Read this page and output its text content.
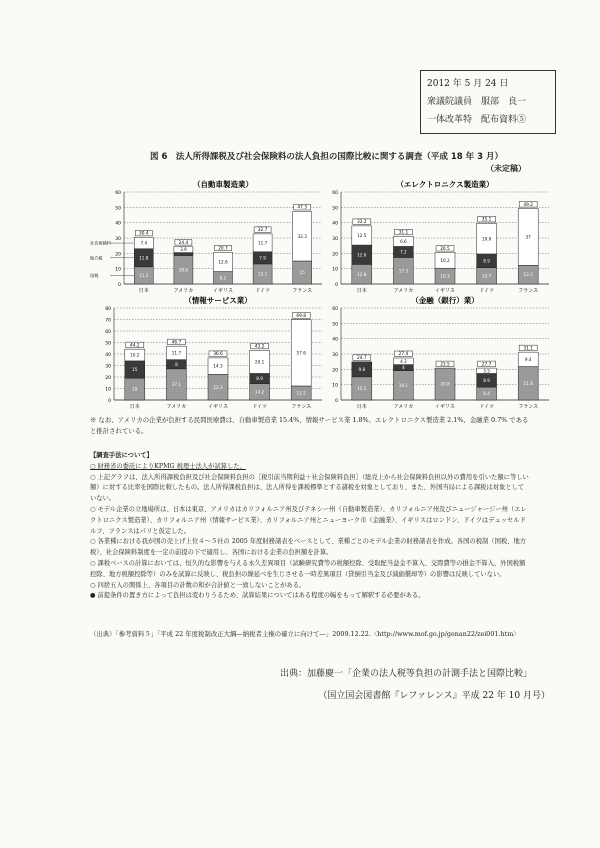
2012 年 5 月 24 日
衆議院議員　服部　良一
一体改革特　配布資料⑤
図 6　法人所得課税及び社会保険料の法人負担の国際比較に関する調査（平成 18 年 3 月）
（未定稿）
（自動車製造業）
0
10
20
30
40
50
60
11.2
11.8
7.4
30.4
日本
18.6
3.9
24.4
アメリカ
8.1
12.6
20.7
イギリス
13.1
7.9
11.7
32.7
ドイツ
15
32.3
47.3
フランス
社会保険料
地方税
国税
（エレクトロニクス製造業）
0
10
20
30
40
50
60
12.8
12.6
12.5
33.2
日本
17.3
7.2
6.6
31.1
アメリカ
10.3
10.2
20.5
イギリス
10.7
8.9
19.9
35.1
ドイツ
12.2
37
49.2
フランス
（情報サービス業）
0
10
20
30
40
50
60
70
80
19
15
10.2
44.2
日本
27.1
8
11.7
46.7
アメリカ
22.3
14.3
36.6
イギリス
14.2
8.9
20.1
43.2
ドイツ
12.2
57.6
69.8
フランス
（金融（銀行）業）
0
10
20
30
40
50
60
15.1
9.8
24.7
日本
19.1
4
4.3
27.4
アメリカ
20.8
23.5
イギリス
8.4
8.9
3.5
27.7
ドイツ
21.8
9.4
31.1
フランス
※ なお、アメリカの企業が負担する民間医療費は、自動車製造業 15.4%、情報サービス業 1.8%、エレクトロニクス製造業 2.1%、金融業 0.7% であると推計されている。
【調査手法について】
○ 財務省の委託によりKPMG 税理士法人が試算した。
○ 上記グラフは、法人所得課税負担及び社会保険料負担の［税引前当期利益＋社会保険料負担］（総売上から社会保険料負担以外の費用を引いた額に等しい額）に対する比率を国際比較したもの。法人所得課税負担は、法人所得を課税標準とする諸税を対象としており、また、外国当局による課税は対象としていない。
○ モデル企業の立地場所は、日本は東京、アメリカはカリフォルニア州及びテネシー州（自動車製造業）、カリフォルニア州及びニュージャージー州（エレクトロニクス製造業）、カリフォルニア州（情報サービス業）、カリフォルニア州とニューヨーク市（金融業）、イギリスはロンドン、ドイツはデュッセルドルフ、フランスはパリと仮定した。
○ 各業種における我が国の売上げ上位４～５社の 2005 年度財務諸表をベースとして、業種ごとのモデル企業の財務諸表を作成。各国の税制（国税、地方税）、社会保険料制度を一定の前提の下で適用し、各国における企業の負担額を計算。
○ 課税ベースの計算においては、恒久的な影響を与える永久差異項目（試験研究費等の税額控除、受取配当益金不算入、交際費等の損金不算入、外国税額控除、地方税額控除等）のみを試算に反映し、税負担の繰延べを生じさせる一時差異項目（貸倒引当金及び減価償却等）の影響は反映していない。
○ 四捨五入の関係上、各項目の計数の和が合計値と一致しないことがある。
● 前提条件の置き方によって負担は変わりうるため、試算結果についてはある程度の幅をもって解釈する必要がある。
（出典）「参考資料５」「平成 22 年度税制改正大綱―納税者主権の確立に向けて―」2009.12.22.〈http://www.mof.go.jp/genan22/zei001.htm〉
出典：加藤慶一「企業の法人税等負担の計測手法と国際比較」
（国立国会図書館『レファレンス』平成 22 年 10 月号）
